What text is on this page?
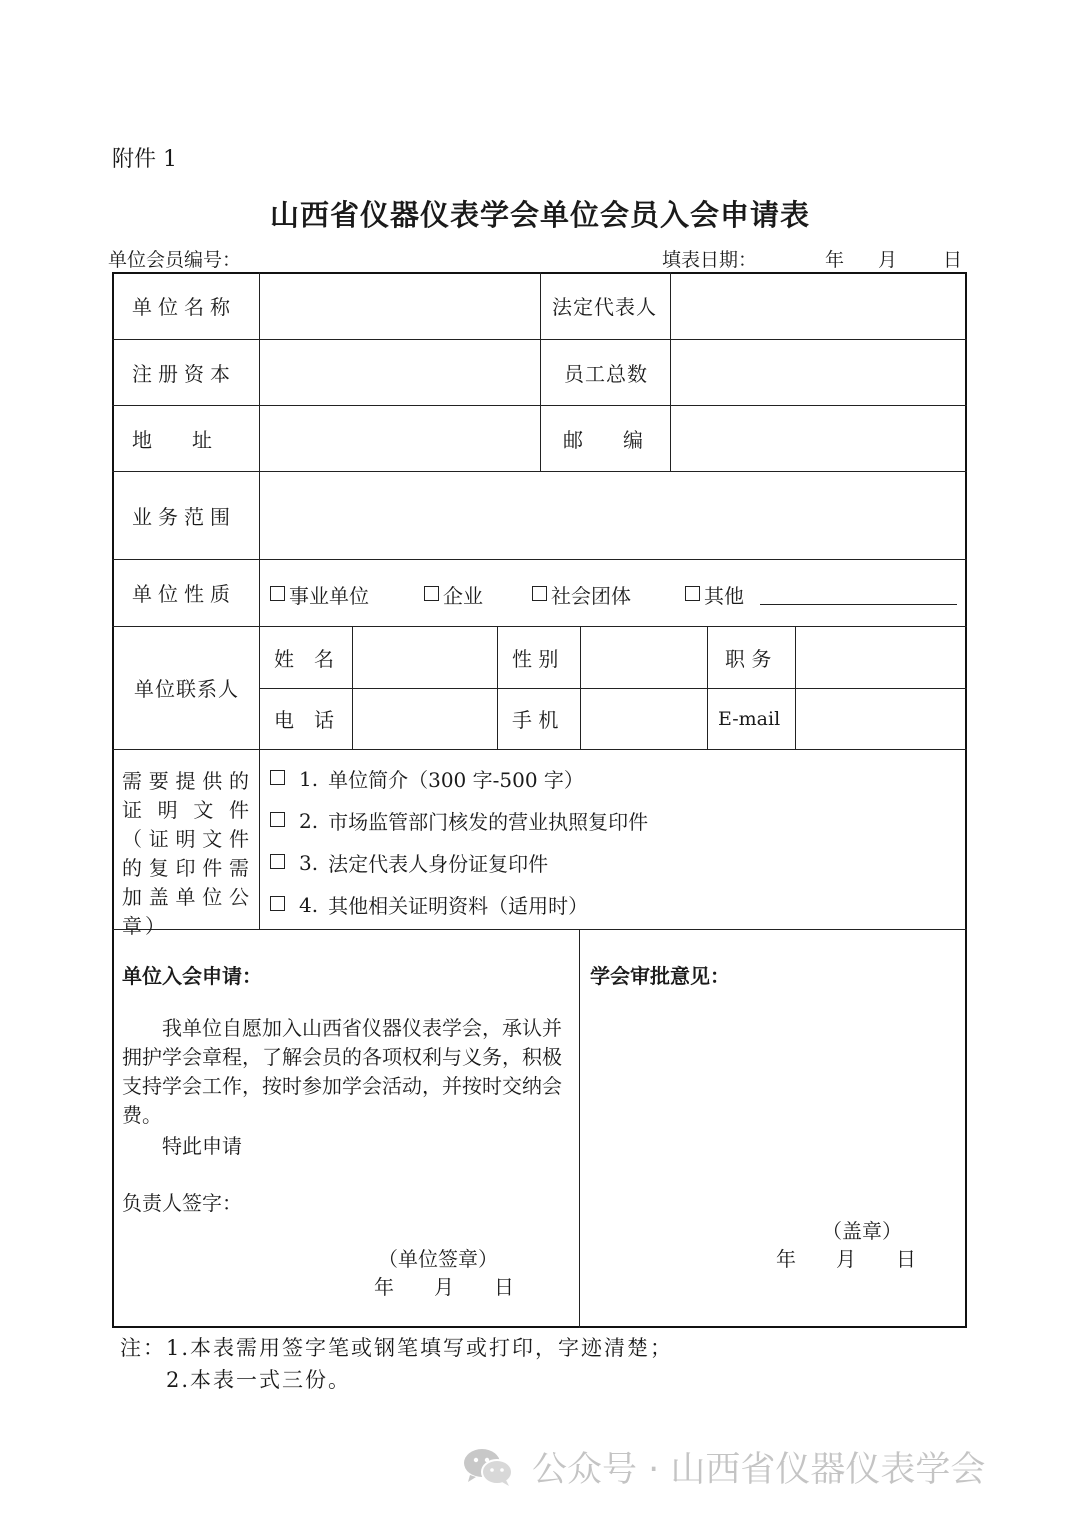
附件 1
山西省仪器仪表学会单位会员入会申请表
单位会员编号：	填表日期：	年 月 日
单位名称	法定代表人
注册资本	员工总数
地　　址	邮　　编
业务范围
单位性质	事业单位	企业	社会团体	其他
单位联系人
姓　名	性 别	职 务
电　话	手 机	E-mail
需要提供的证明文件（证明文件的复印件需加盖单位公章）
1. 单位简介（300 字-500 字）
2. 市场监管部门核发的营业执照复印件
3. 法定代表人身份证复印件
4. 其他相关证明资料（适用时）
单位入会申请：
　　我单位自愿加入山西省仪器仪表学会，承认并拥护学会章程，了解会员的各项权利与义务，积极支持学会工作，按时参加学会活动，并按时交纳会费。
　　特此申请
负责人签字：
（单位签章）
年　　月　　日
学会审批意见：
（盖章）
年　　月　　日
注：1.本表需用签字笔或钢笔填写或打印，字迹清楚；
2.本表一式三份。
公众号 · 山西省仪器仪表学会
